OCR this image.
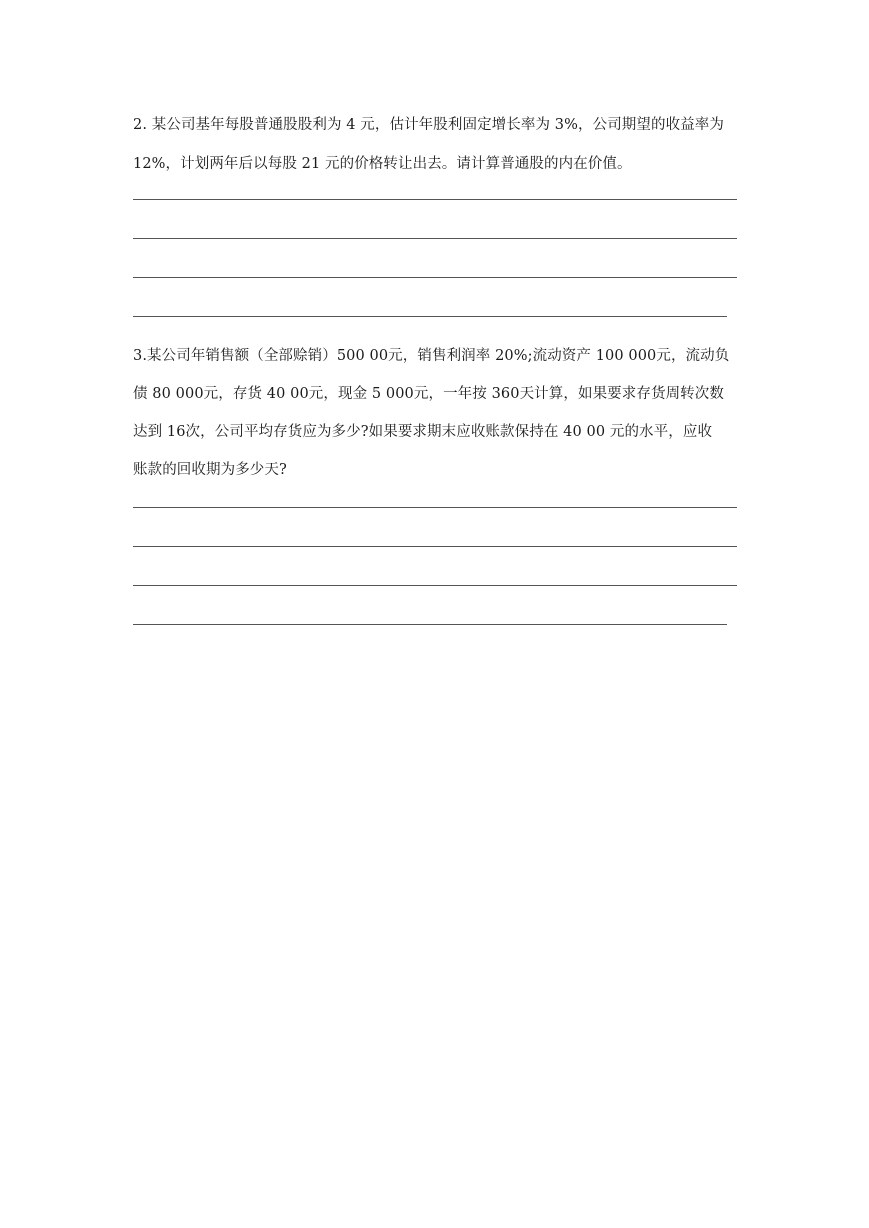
2. 某公司基年每股普通股股利为 4 元，估计年股利固定增长率为 3%，公司期望的收益率为
12%，计划两年后以每股 21 元的价格转让出去。请计算普通股的内在价值。
3.某公司年销售额（全部赊销）500 00元，销售利润率 20%;流动资产 100 000元，流动负
债 80 000元，存货 40 00元，现金 5 000元，一年按 360天计算，如果要求存货周转次数
达到 16次，公司平均存货应为多少?如果要求期末应收账款保持在 40 00 元的水平，应收
账款的回收期为多少天?
